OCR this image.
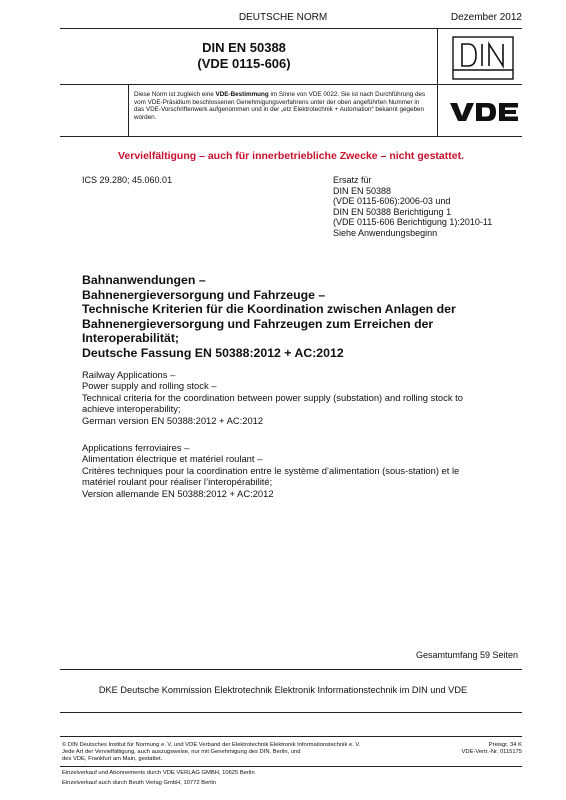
DEUTSCHE NORM	Dezember 2012
DIN EN 50388
(VDE 0115-606)
Diese Norm ist zugleich eine VDE-Bestimmung im Sinne von VDE 0022. Sie ist nach Durchführung des vom VDE-Präsidium beschlossenen Genehmigungsverfahrens unter der oben angeführten Nummer in das VDE-Vorschriftenwerk aufgenommen und in der „etz Elektrotechnik + Automation“ bekannt gegeben worden.
Vervielfältigung – auch für innerbetriebliche Zwecke – nicht gestattet.
ICS 29.280; 45.060.01	Ersatz für
DIN EN 50388
(VDE 0115-606):2006-03 und
DIN EN 50388 Berichtigung 1
(VDE 0115-606 Berichtigung 1):2010-11
Siehe Anwendungsbeginn
Bahnanwendungen –
Bahnenergieversorgung und Fahrzeuge –
Technische Kriterien für die Koordination zwischen Anlagen der
Bahnenergieversorgung und Fahrzeugen zum Erreichen der
Interoperabilität;
Deutsche Fassung EN 50388:2012 + AC:2012
Railway Applications –
Power supply and rolling stock –
Technical criteria for the coordination between power supply (substation) and rolling stock to
achieve interoperability;
German version EN 50388:2012 + AC:2012
Applications ferroviaires –
Alimentation électrique et matériel roulant –
Critères techniques pour la coordination entre le système d’alimentation (sous-station) et le
matériel roulant pour réaliser l’interopérabilité;
Version allemande EN 50388:2012 + AC:2012
Gesamtumfang 59 Seiten
DKE Deutsche Kommission Elektrotechnik Elektronik Informationstechnik im DIN und VDE
© DIN Deutsches Institut für Normung e. V. und VDE Verband der Elektrotechnik Elektronik Informationstechnik e. V.
Jede Art der Vervielfältigung, auch auszugsweise, nur mit Genehmigung des DIN, Berlin, und
des VDE, Frankfurt am Main, gestattet.
Preisgr. 34 K
VDE-Vertr.-Nr. 0115175
Einzelverkauf und Abonnements durch VDE VERLAG GMBH, 10625 Berlin
Einzelverkauf auch durch Beuth Verlag GmbH, 10772 Berlin
